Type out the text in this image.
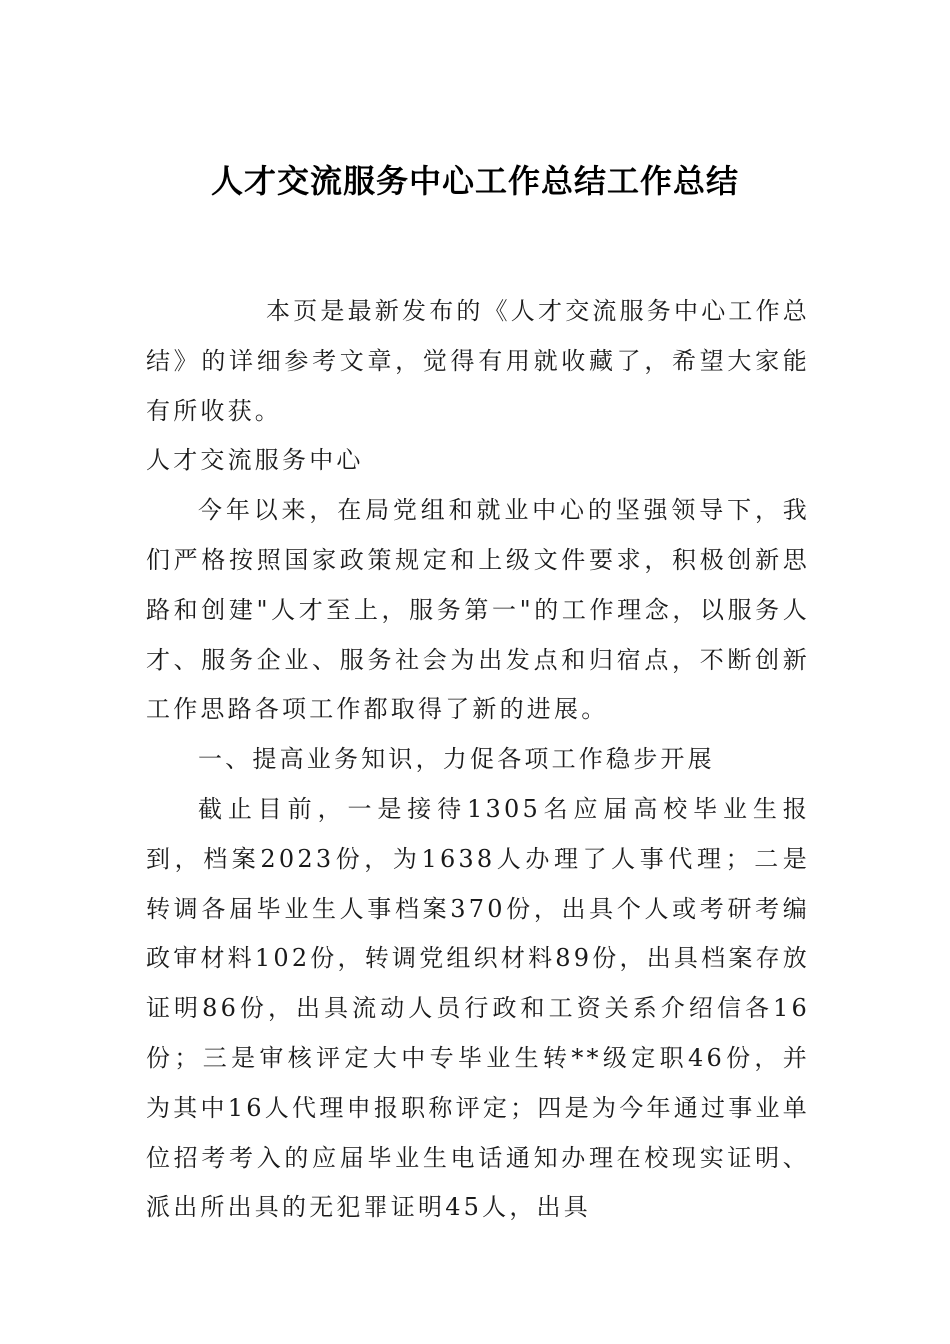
人才交流服务中心工作总结工作总结

本页是最新发布的《人才交流服务中心工作总结》的详细参考文章，觉得有用就收藏了，希望大家能有所收获。

人才交流服务中心

今年以来，在局党组和就业中心的坚强领导下，我们严格按照国家政策规定和上级文件要求，积极创新思路和创建"人才至上，服务第一"的工作理念，以服务人才、服务企业、服务社会为出发点和归宿点，不断创新工作思路各项工作都取得了新的进展。

一、提高业务知识，力促各项工作稳步开展

截止目前，一是接待1305名应届高校毕业生报到，档案2023份，为1638人办理了人事代理；二是转调各届毕业生人事档案370份，出具个人或考研考编政审材料102份，转调党组织材料89份，出具档案存放证明86份，出具流动人员行政和工资关系介绍信各16份；三是审核评定大中专毕业生转**级定职46份，并为其中16人代理申报职称评定；四是为今年通过事业单位招考考入的应届毕业生电话通知办理在校现实证明、派出所出具的无犯罪证明45人，出具
